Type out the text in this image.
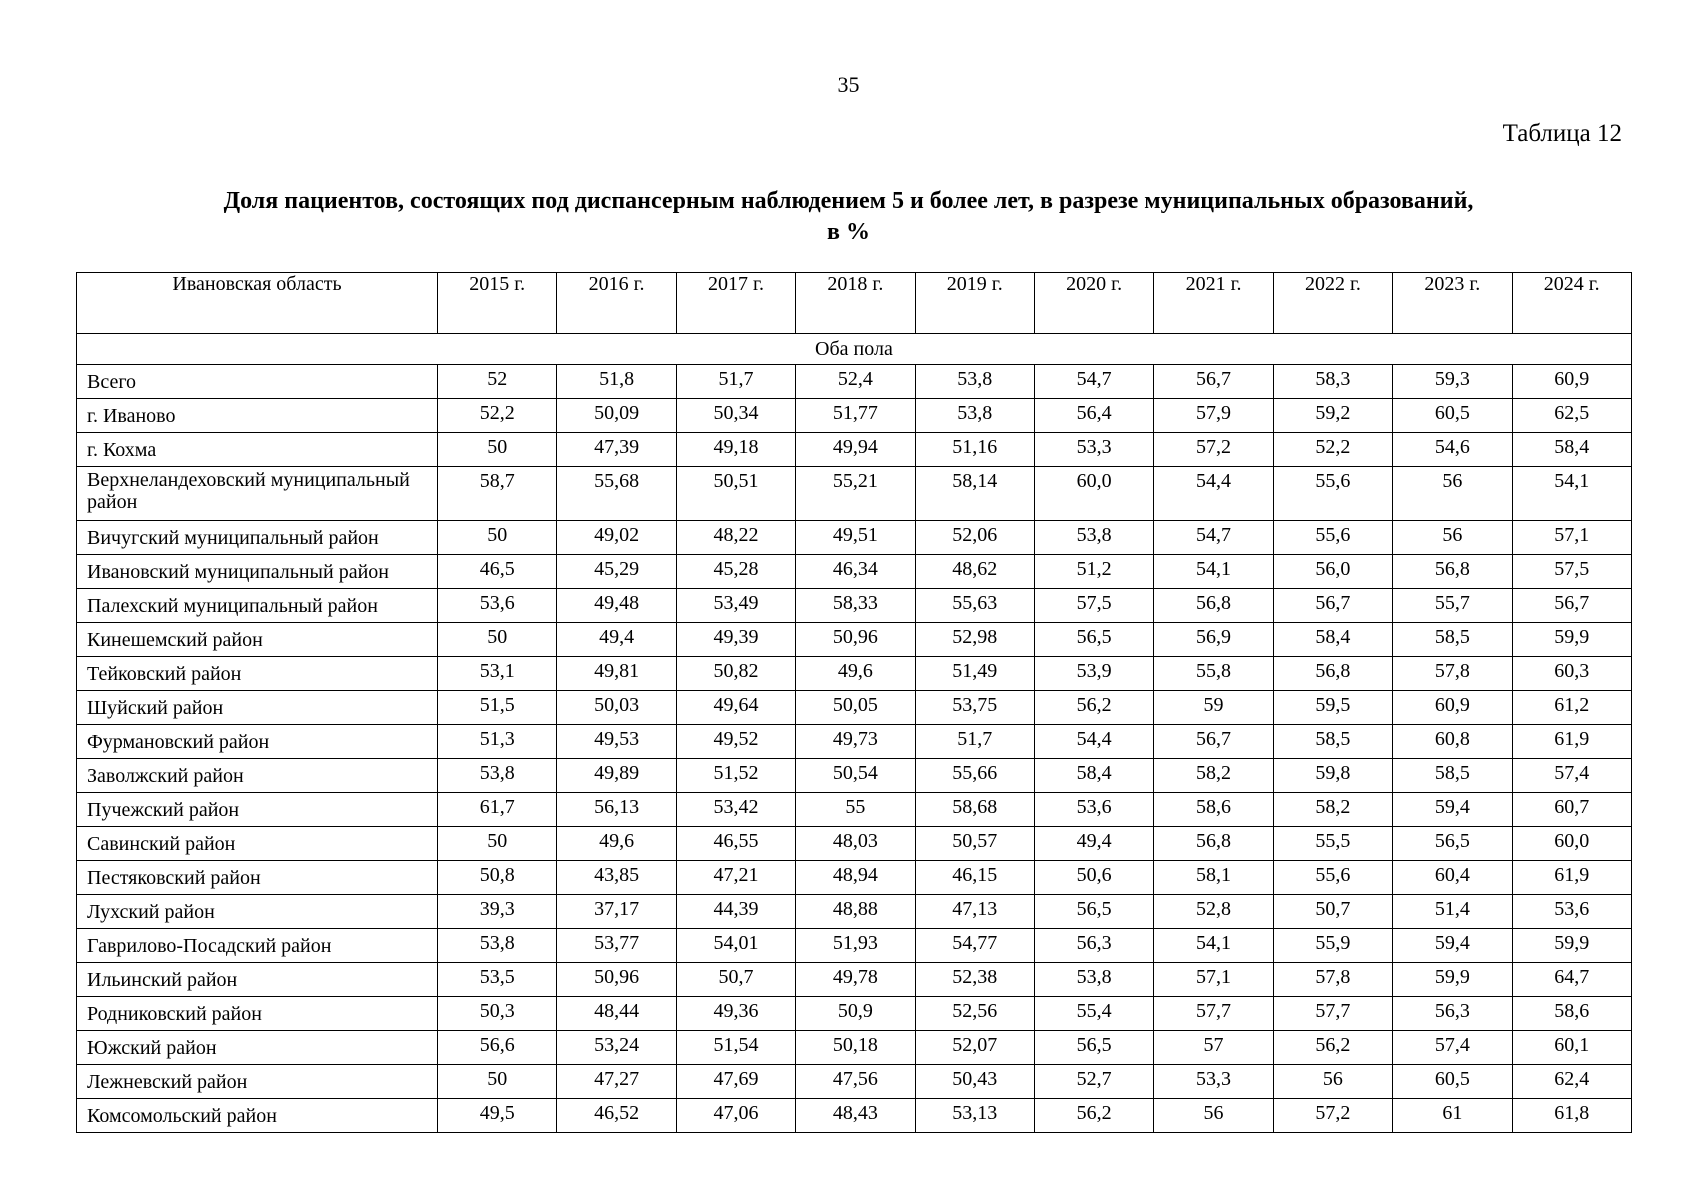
35
Таблица 12
Доля пациентов, состоящих под диспансерным наблюдением 5 и более лет, в разрезе муниципальных образований,
в %
Ивановская область	2015 г.	2016 г.	2017 г.	2018 г.	2019 г.	2020 г.	2021 г.	2022 г.	2023 г.	2024 г.
Оба пола										
Всего	52	51,8	51,7	52,4	53,8	54,7	56,7	58,3	59,3	60,9
г. Иваново	52,2	50,09	50,34	51,77	53,8	56,4	57,9	59,2	60,5	62,5
г. Кохма	50	47,39	49,18	49,94	51,16	53,3	57,2	52,2	54,6	58,4
Верхнеландеховский муниципальный район	58,7	55,68	50,51	55,21	58,14	60,0	54,4	55,6	56	54,1
Вичугский муниципальный район	50	49,02	48,22	49,51	52,06	53,8	54,7	55,6	56	57,1
Ивановский муниципальный район	46,5	45,29	45,28	46,34	48,62	51,2	54,1	56,0	56,8	57,5
Палехский муниципальный район	53,6	49,48	53,49	58,33	55,63	57,5	56,8	56,7	55,7	56,7
Кинешемский район	50	49,4	49,39	50,96	52,98	56,5	56,9	58,4	58,5	59,9
Тейковский район	53,1	49,81	50,82	49,6	51,49	53,9	55,8	56,8	57,8	60,3
Шуйский район	51,5	50,03	49,64	50,05	53,75	56,2	59	59,5	60,9	61,2
Фурмановский район	51,3	49,53	49,52	49,73	51,7	54,4	56,7	58,5	60,8	61,9
Заволжский район	53,8	49,89	51,52	50,54	55,66	58,4	58,2	59,8	58,5	57,4
Пучежский район	61,7	56,13	53,42	55	58,68	53,6	58,6	58,2	59,4	60,7
Савинский район	50	49,6	46,55	48,03	50,57	49,4	56,8	55,5	56,5	60,0
Пестяковский район	50,8	43,85	47,21	48,94	46,15	50,6	58,1	55,6	60,4	61,9
Лухский район	39,3	37,17	44,39	48,88	47,13	56,5	52,8	50,7	51,4	53,6
Гаврилово-Посадский район	53,8	53,77	54,01	51,93	54,77	56,3	54,1	55,9	59,4	59,9
Ильинский район	53,5	50,96	50,7	49,78	52,38	53,8	57,1	57,8	59,9	64,7
Родниковский район	50,3	48,44	49,36	50,9	52,56	55,4	57,7	57,7	56,3	58,6
Южский район	56,6	53,24	51,54	50,18	52,07	56,5	57	56,2	57,4	60,1
Лежневский район	50	47,27	47,69	47,56	50,43	52,7	53,3	56	60,5	62,4
Комсомольский район	49,5	46,52	47,06	48,43	53,13	56,2	56	57,2	61	61,8
